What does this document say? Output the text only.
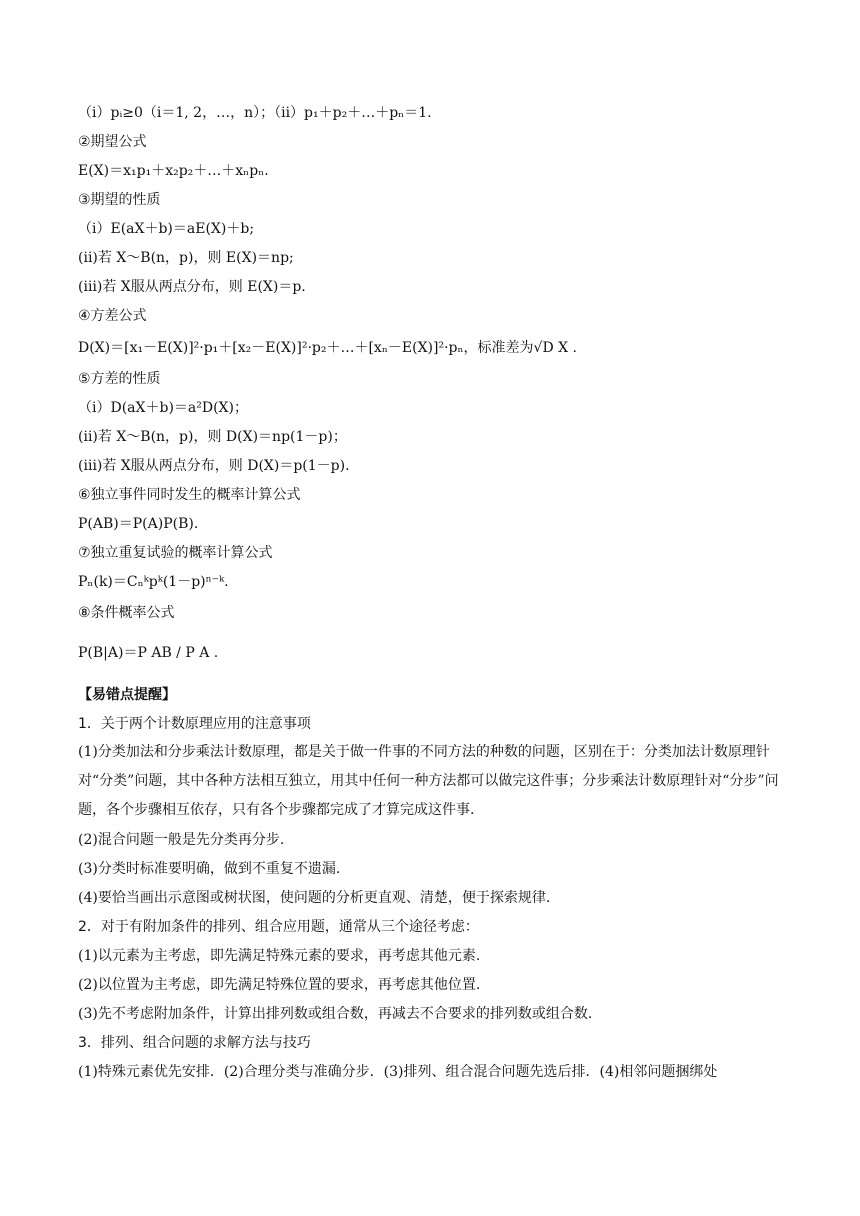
（ⅰ）pᵢ≥0（i＝1, 2，…，n）；（ⅱ）p₁＋p₂＋…＋pₙ＝1.
②期望公式
E(X)＝x₁p₁＋x₂p₂＋…＋xₙpₙ.
③期望的性质
（ⅰ）E(aX＋b)＝aE(X)＋b;
(ⅱ)若 X～B(n，p)，则 E(X)＝np;
(ⅲ)若 X服从两点分布，则 E(X)＝p.
④方差公式
D(X)＝[x₁－E(X)]²·p₁＋[x₂－E(X)]²·p₂＋…＋[xₙ－E(X)]²·pₙ，标准差为√D X .
⑤方差的性质
（ⅰ）D(aX＋b)＝a²D(X)；
(ⅱ)若 X～B(n，p)，则 D(X)＝np(1－p)；
(ⅲ)若 X服从两点分布，则 D(X)＝p(1－p).
⑥独立事件同时发生的概率计算公式
P(AB)＝P(A)P(B).
⑦独立重复试验的概率计算公式
Pₙ(k)＝Cₙᵏpᵏ(1－p)ⁿ⁻ᵏ.
⑧条件概率公式
P(B|A)＝P AB / P A .
【易错点提醒】
1．关于两个计数原理应用的注意事项
(1)分类加法和分步乘法计数原理，都是关于做一件事的不同方法的种数的问题，区别在于：分类加法计数原理针对“分类”问题，其中各种方法相互独立，用其中任何一种方法都可以做完这件事；分步乘法计数原理针对“分步”问题，各个步骤相互依存，只有各个步骤都完成了才算完成这件事.
(2)混合问题一般是先分类再分步.
(3)分类时标准要明确，做到不重复不遗漏.
(4)要恰当画出示意图或树状图，使问题的分析更直观、清楚，便于探索规律.
2．对于有附加条件的排列、组合应用题，通常从三个途径考虑：
(1)以元素为主考虑，即先满足特殊元素的要求，再考虑其他元素.
(2)以位置为主考虑，即先满足特殊位置的要求，再考虑其他位置.
(3)先不考虑附加条件，计算出排列数或组合数，再减去不合要求的排列数或组合数.
3．排列、组合问题的求解方法与技巧
(1)特殊元素优先安排．(2)合理分类与准确分步．(3)排列、组合混合问题先选后排．(4)相邻问题捆绑处
